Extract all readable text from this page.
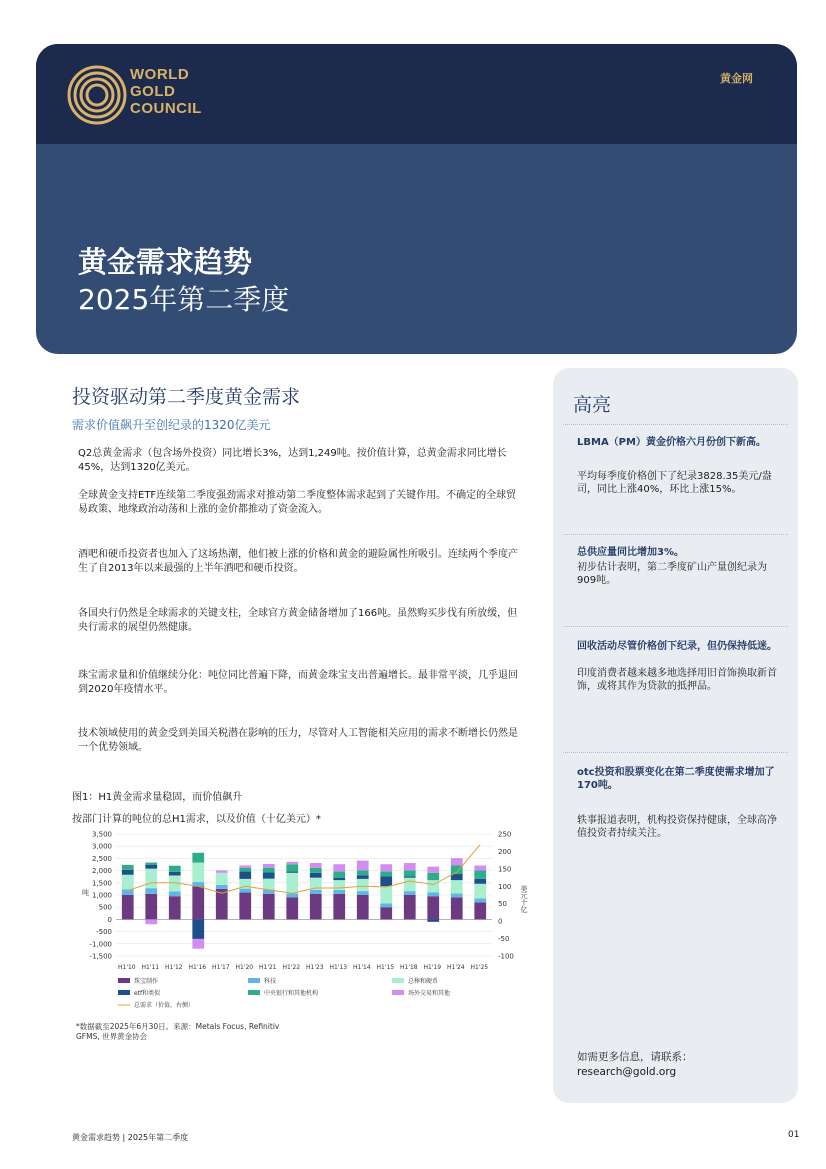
WORLD
GOLD
COUNCIL
黄金网
黄金需求趋势
2025年第二季度
投资驱动第二季度黄金需求
需求价值飙升至创纪录的1320亿美元
Q2总黄金需求（包含场外投资）同比增长3%，达到1,249吨。按价值计算，总黄金需求同比增长45%，达到1320亿美元。
全球黄金支持ETF连续第二季度强劲需求对推动第二季度整体需求起到了关键作用。不确定的全球贸易政策、地缘政治动荡和上涨的金价都推动了资金流入。
酒吧和硬币投资者也加入了这场热潮，他们被上涨的价格和黄金的避险属性所吸引。连续两个季度产生了自2013年以来最强的上半年酒吧和硬币投资。
各国央行仍然是全球需求的关键支柱，全球官方黄金储备增加了166吨。虽然购买步伐有所放缓，但央行需求的展望仍然健康。
珠宝需求量和价值继续分化：吨位同比普遍下降，而黄金珠宝支出普遍增长。最非常平淡，几乎退回到2020年疫情水平。
技术领域使用的黄金受到美国关税潜在影响的压力，尽管对人工智能相关应用的需求不断增长仍然是一个优势领域。
图1：H1黄金需求量稳固，而价值飙升
按部门计算的吨位的总H1需求，以及价值（十亿美元）*
3,500
3,000
2,500
2,000
1,500
1,000
500
0
-500
-1,000
-1,500
250
200
150
100
50
0
-50
-100
吨	美元十亿
H1'10 H1'11 H1'12 H1'16 H1'17 H1'20 H1'21 H1'22 H1'23 H1'13 H1'14 H1'15 H1'18 H1'19 H1'24 H1'25
珠宝制作	科技	总棒和硬币
etf和类似	中央银行和其他机构	场外交易和其他
总需求（价值，右侧）
*数据截至2025年6月30日。来源：Metals Focus, Refinitiv GFMS, 世界黄金协会
高亮
LBMA（PM）黄金价格六月份创下新高。
平均每季度价格创下了纪录3828.35美元/盎司，同比上涨40%，环比上涨15%。
总供应量同比增加3%。
初步估计表明，第二季度矿山产量创纪录为909吨。
回收活动尽管价格创下纪录，但仍保持低迷。
印度消费者越来越多地选择用旧首饰换取新首饰，或将其作为贷款的抵押品。
otc投资和股票变化在第二季度使需求增加了170吨。
轶事报道表明，机构投资保持健康，全球高净值投资者持续关注。
如需更多信息，请联系：research@gold.org
黄金需求趋势 | 2025年第二季度	01
